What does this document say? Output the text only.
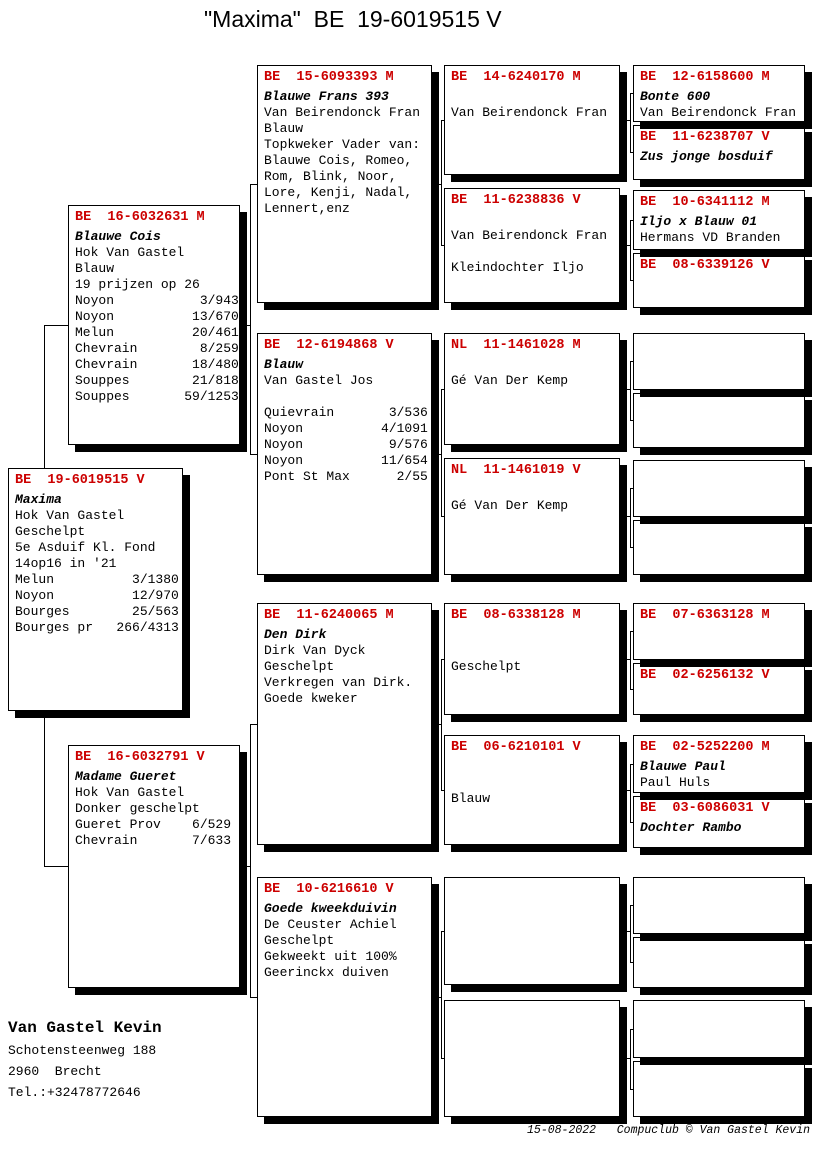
"Maxima"  BE  19-6019515 V
BE  19-6019515 V
Maxima
Hok Van Gastel
Geschelpt
5e Asduif Kl. Fond
14op16 in '21
Melun          3/1380
Noyon          12/970
Bourges        25/563
Bourges pr   266/4313
BE  16-6032631 M
Blauwe Cois
Hok Van Gastel
Blauw
19 prijzen op 26
Noyon           3/943
Noyon          13/670
Melun          20/461
Chevrain        8/259
Chevrain       18/480
Souppes        21/818
Souppes       59/1253
BE  16-6032791 V
Madame Gueret
Hok Van Gastel
Donker geschelpt
Gueret Prov    6/529
Chevrain       7/633
BE  15-6093393 M
Blauwe Frans 393
Van Beirendonck Fran
Blauw
Topkweker Vader van:
Blauwe Cois, Romeo,
Rom, Blink, Noor,
Lore, Kenji, Nadal,
Lennert,enz
BE  12-6194868 V
Blauw
Van Gastel Jos

Quievrain       3/536
Noyon          4/1091
Noyon           9/576
Noyon          11/654
Pont St Max      2/55
BE  11-6240065 M
Den Dirk
Dirk Van Dyck
Geschelpt
Verkregen van Dirk.
Goede kweker
BE  10-6216610 V
Goede kweekduivin
De Ceuster Achiel
Geschelpt
Gekweekt uit 100%
Geerinckx duiven
BE  14-6240170 M

Van Beirendonck Fran
BE  11-6238836 V

Van Beirendonck Fran

Kleindochter Iljo
NL  11-1461028 M

Gé Van Der Kemp
NL  11-1461019 V

Gé Van Der Kemp
BE  08-6338128 M

Geschelpt
BE  06-6210101 V

Blauw

BE  12-6158600 M
Bonte 600
Van Beirendonck Fran
BE  11-6238707 V
Zus jonge bosduif
BE  10-6341112 M
Iljo x Blauw 01
Hermans VD Branden
BE  08-6339126 V

BE  07-6363128 M
BE  02-6256132 V
BE  02-5252200 M
Blauwe Paul
Paul Huls
BE  03-6086031 V
Dochter Rambo

Van Gastel Kevin
Schotensteenweg 188
2960  Brecht
Tel.:+32478772646
15-08-2022 Compuclub © Van Gastel Kevin
